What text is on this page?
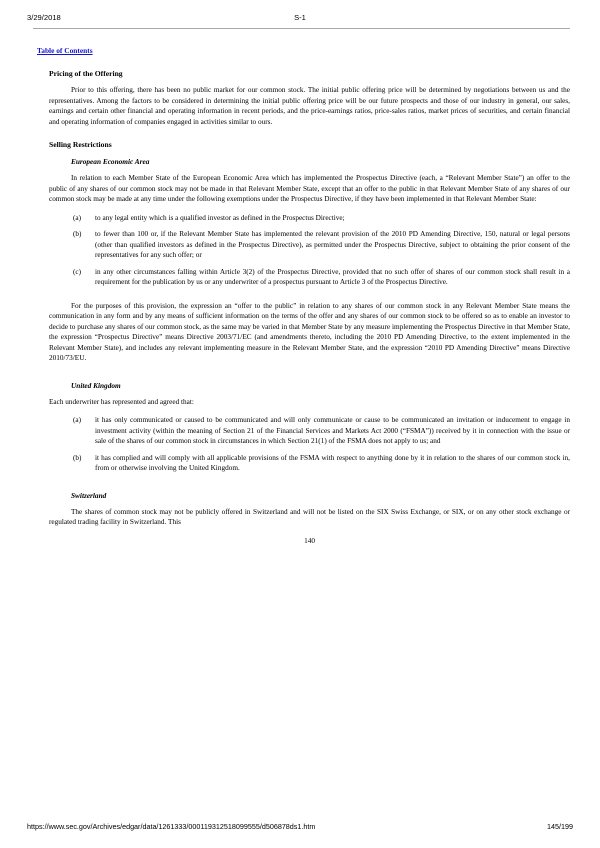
3/29/2018	S-1
Table of Contents
Pricing of the Offering

Prior to this offering, there has been no public market for our common stock. The initial public offering price will be determined by negotiations between us and the representatives. Among the factors to be considered in determining the initial public offering price will be our future prospects and those of our industry in general, our sales, earnings and certain other financial and operating information in recent periods, and the price-earnings ratios, price-sales ratios, market prices of securities, and certain financial and operating information of companies engaged in activities similar to ours.

Selling Restrictions
European Economic Area

In relation to each Member State of the European Economic Area which has implemented the Prospectus Directive (each, a “Relevant Member State”) an offer to the public of any shares of our common stock may not be made in that Relevant Member State, except that an offer to the public in that Relevant Member State of any shares of our common stock may be made at any time under the following exemptions under the Prospectus Directive, if they have been implemented in that Relevant Member State:

(a)	to any legal entity which is a qualified investor as defined in the Prospectus Directive;
(b)	to fewer than 100 or, if the Relevant Member State has implemented the relevant provision of the 2010 PD Amending Directive, 150, natural or legal persons (other than qualified investors as defined in the Prospectus Directive), as permitted under the Prospectus Directive, subject to obtaining the prior consent of the representatives for any such offer; or
(c)	in any other circumstances falling within Article 3(2) of the Prospectus Directive, provided that no such offer of shares of our common stock shall result in a requirement for the publication by us or any underwriter of a prospectus pursuant to Article 3 of the Prospectus Directive.

For the purposes of this provision, the expression an “offer to the public” in relation to any shares of our common stock in any Relevant Member State means the communication in any form and by any means of sufficient information on the terms of the offer and any shares of our common stock to be offered so as to enable an investor to decide to purchase any shares of our common stock, as the same may be varied in that Member State by any measure implementing the Prospectus Directive in that Member State, the expression “Prospectus Directive” means Directive 2003/71/EC (and amendments thereto, including the 2010 PD Amending Directive, to the extent implemented in the Relevant Member State), and includes any relevant implementing measure in the Relevant Member State, and the expression “2010 PD Amending Directive” means Directive 2010/73/EU.

United Kingdom

Each underwriter has represented and agreed that:

(a)	it has only communicated or caused to be communicated and will only communicate or cause to be communicated an invitation or inducement to engage in investment activity (within the meaning of Section 21 of the Financial Services and Markets Act 2000 (“FSMA”)) received by it in connection with the issue or sale of the shares of our common stock in circumstances in which Section 21(1) of the FSMA does not apply to us; and
(b)	it has complied and will comply with all applicable provisions of the FSMA with respect to anything done by it in relation to the shares of our common stock in, from or otherwise involving the United Kingdom.
Switzerland

The shares of common stock may not be publicly offered in Switzerland and will not be listed on the SIX Swiss Exchange, or SIX, or on any other stock exchange or regulated trading facility in Switzerland. This

140
https://www.sec.gov/Archives/edgar/data/1261333/000119312518099555/d506878ds1.htm	145/199
